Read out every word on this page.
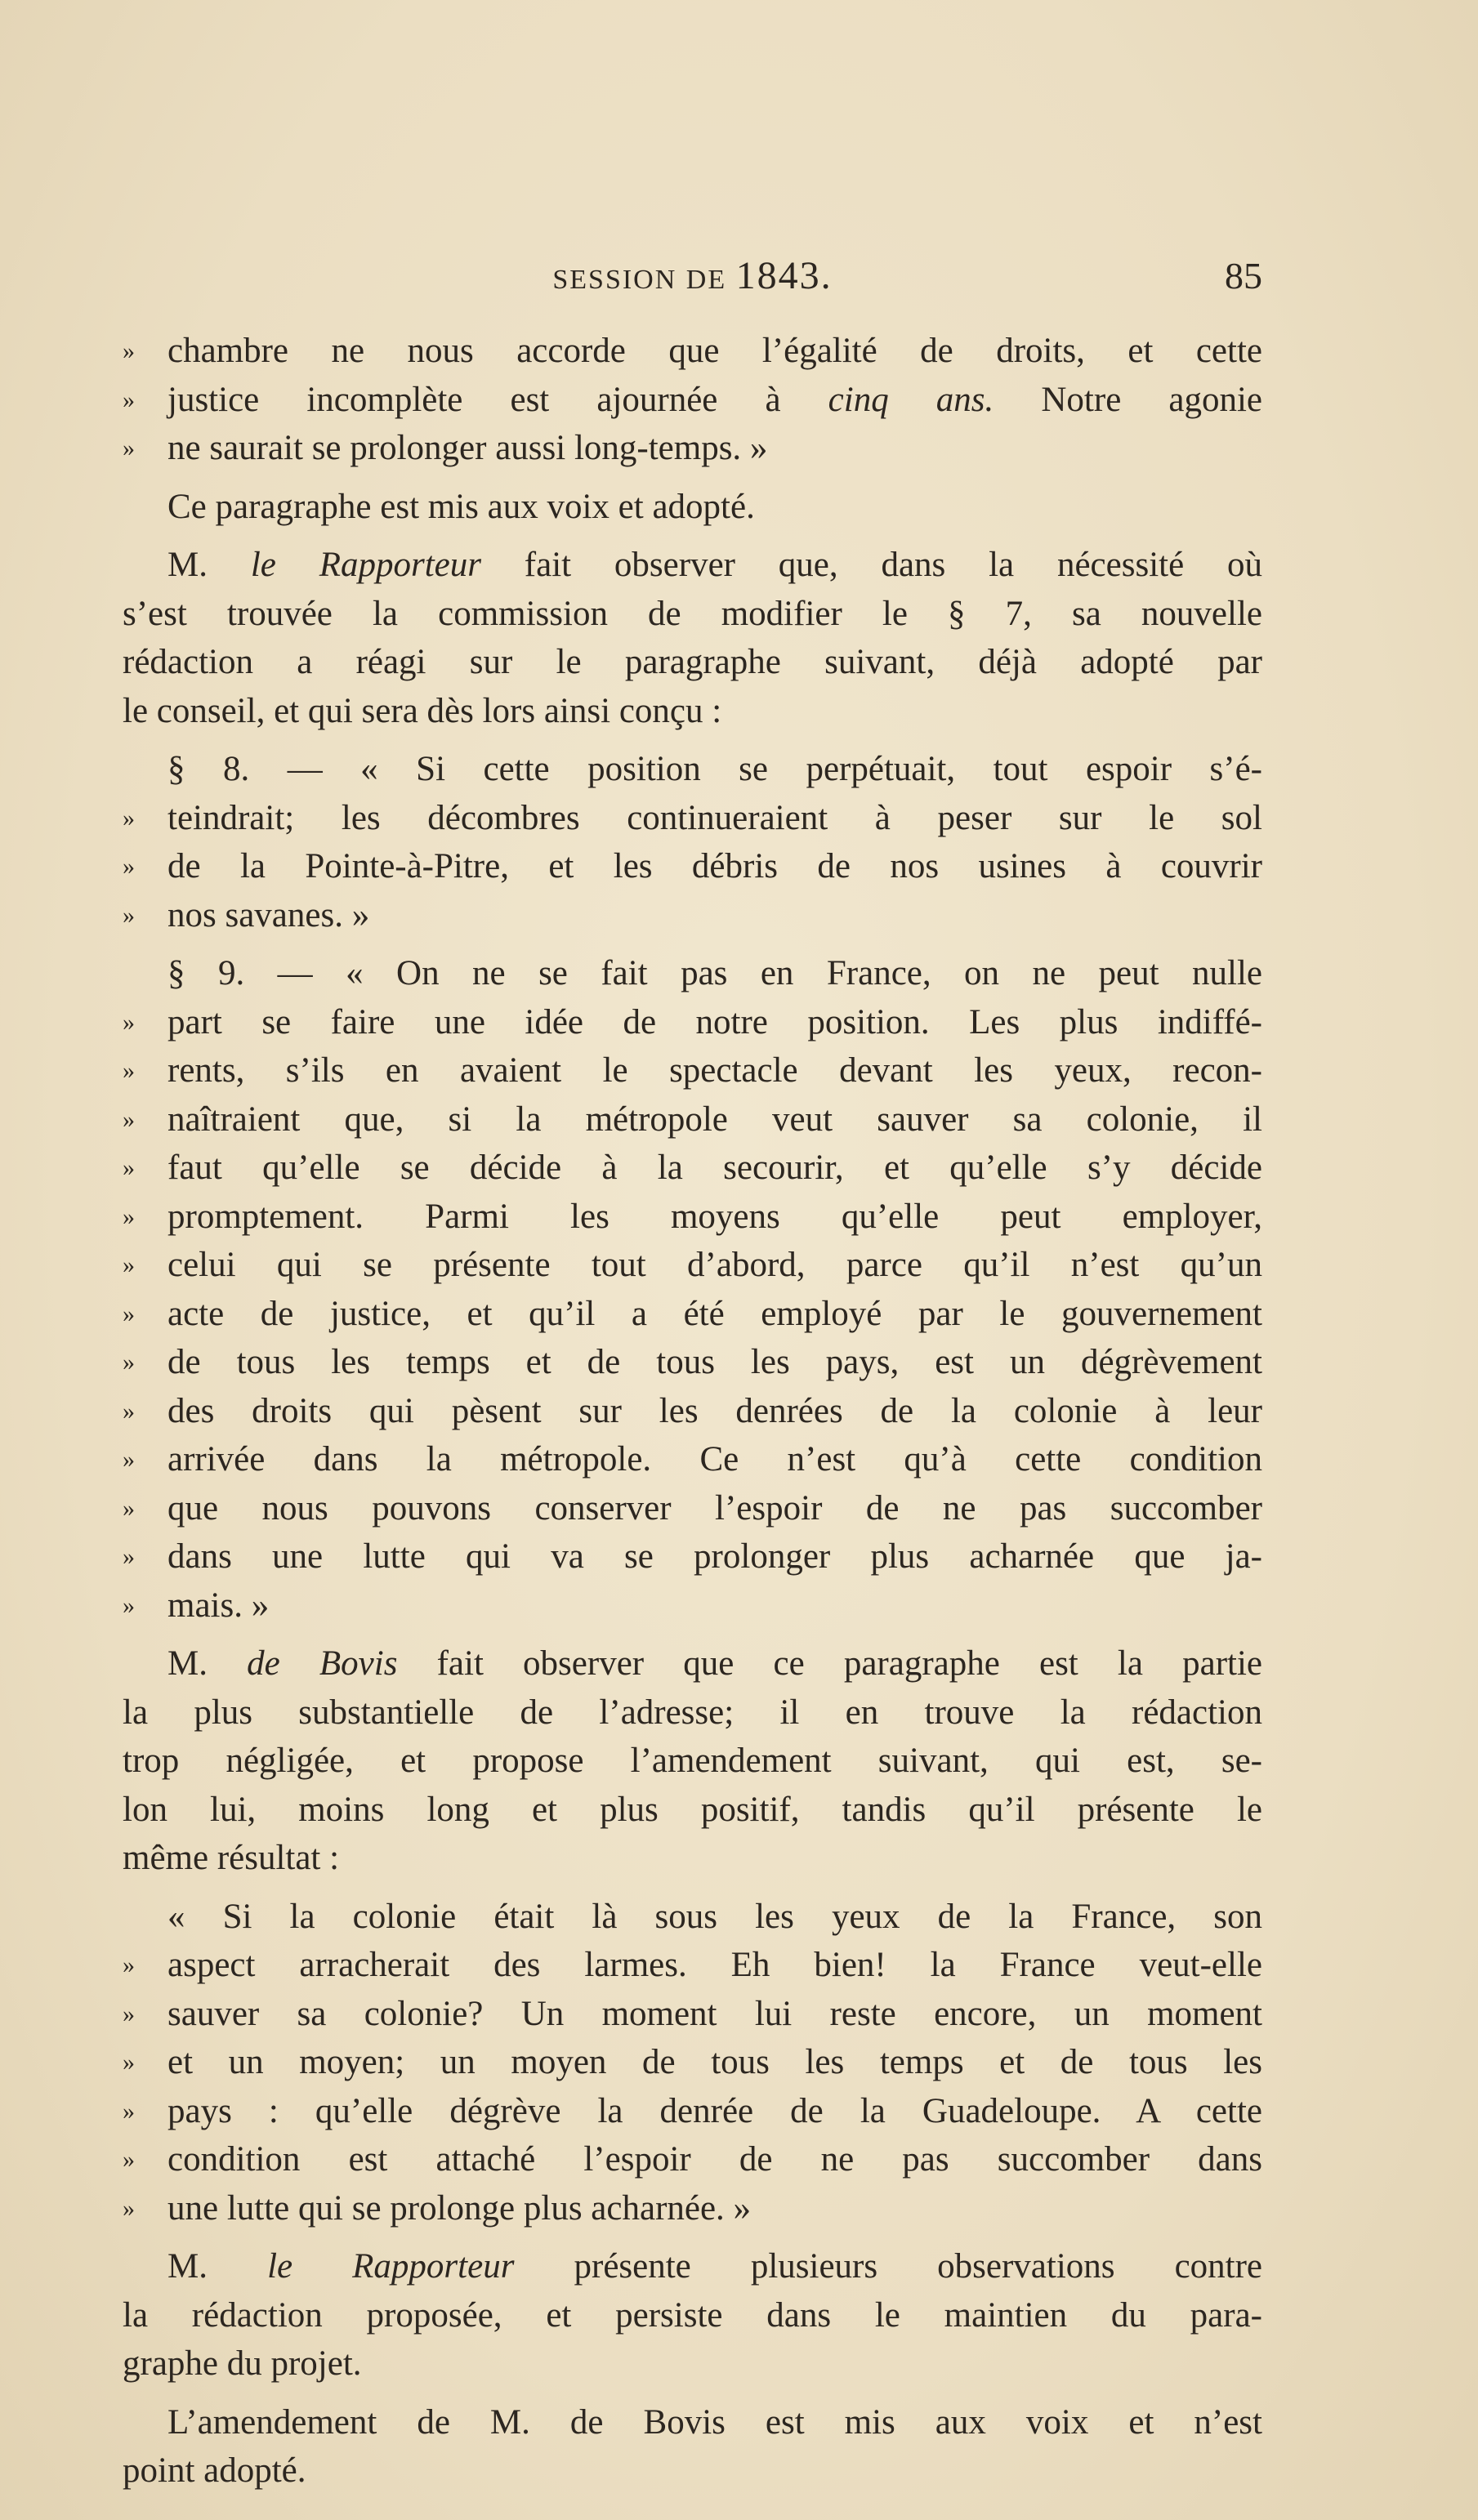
SESSION DE 1843.	85
» chambre ne nous accorde que l’égalité de droits, et cette
» justice incomplète est ajournée à cinq ans. Notre agonie
» ne saurait se prolonger aussi long-temps. »
Ce paragraphe est mis aux voix et adopté.
M. le Rapporteur fait observer que, dans la nécessité où
s’est trouvée la commission de modifier le § 7, sa nouvelle
rédaction a réagi sur le paragraphe suivant, déjà adopté par
le conseil, et qui sera dès lors ainsi conçu :
§ 8. — « Si cette position se perpétuait, tout espoir s’é-
» teindrait; les décombres continueraient à peser sur le sol
» de la Pointe-à-Pitre, et les débris de nos usines à couvrir
» nos savanes. »
§ 9. — « On ne se fait pas en France, on ne peut nulle
» part se faire une idée de notre position. Les plus indiffé-
» rents, s’ils en avaient le spectacle devant les yeux, recon-
» naîtraient que, si la métropole veut sauver sa colonie, il
» faut qu’elle se décide à la secourir, et qu’elle s’y décide
» promptement. Parmi les moyens qu’elle peut employer,
» celui qui se présente tout d’abord, parce qu’il n’est qu’un
» acte de justice, et qu’il a été employé par le gouvernement
» de tous les temps et de tous les pays, est un dégrèvement
» des droits qui pèsent sur les denrées de la colonie à leur
» arrivée dans la métropole. Ce n’est qu’à cette condition
» que nous pouvons conserver l’espoir de ne pas succomber
» dans une lutte qui va se prolonger plus acharnée que ja-
» mais. »
M. de Bovis fait observer que ce paragraphe est la partie
la plus substantielle de l’adresse; il en trouve la rédaction
trop négligée, et propose l’amendement suivant, qui est, se-
lon lui, moins long et plus positif, tandis qu’il présente le
même résultat :
« Si la colonie était là sous les yeux de la France, son
» aspect arracherait des larmes. Eh bien! la France veut-elle
» sauver sa colonie? Un moment lui reste encore, un moment
» et un moyen; un moyen de tous les temps et de tous les
» pays : qu’elle dégrève la denrée de la Guadeloupe. A cette
» condition est attaché l’espoir de ne pas succomber dans
» une lutte qui se prolonge plus acharnée. »
M. le Rapporteur présente plusieurs observations contre
la rédaction proposée, et persiste dans le maintien du para-
graphe du projet.
L’amendement de M. de Bovis est mis aux voix et n’est
point adopté.
